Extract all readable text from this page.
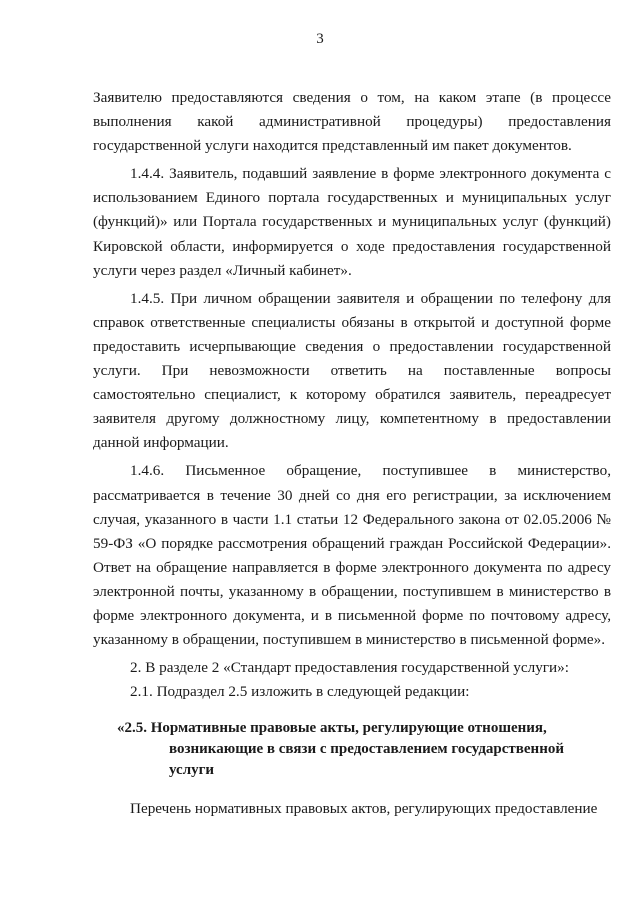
3

Заявителю предоставляются сведения о том, на каком этапе (в процессе выполнения какой административной процедуры) предоставления государственной услуги находится представленный им пакет документов.

1.4.4. Заявитель, подавший заявление в форме электронного документа с использованием Единого портала государственных и муниципальных услуг (функций)» или Портала государственных и муниципальных услуг (функций) Кировской области, информируется о ходе предоставления государственной услуги через раздел «Личный кабинет».

1.4.5. При личном обращении заявителя и обращении по телефону для справок ответственные специалисты обязаны в открытой и доступной форме предоставить исчерпывающие сведения о предоставлении государственной услуги. При невозможности ответить на поставленные вопросы самостоятельно специалист, к которому обратился заявитель, переадресует заявителя другому должностному лицу, компетентному в предоставлении данной информации.

1.4.6. Письменное обращение, поступившее в министерство, рассматривается в течение 30 дней со дня его регистрации, за исключением случая, указанного в части 1.1 статьи 12 Федерального закона от 02.05.2006 № 59-ФЗ «О порядке рассмотрения обращений граждан Российской Федерации». Ответ на обращение направляется в форме электронного документа по адресу электронной почты, указанному в обращении, поступившем в министерство в форме электронного документа, и в письменной форме по почтовому адресу, указанному в обращении, поступившем в министерство в письменной форме».

2. В разделе 2 «Стандарт предоставления государственной услуги»:

2.1. Подраздел 2.5 изложить в следующей редакции:

«2.5. Нормативные правовые акты, регулирующие отношения,
возникающие в связи с предоставлением государственной услуги

Перечень нормативных правовых актов, регулирующих предоставление
